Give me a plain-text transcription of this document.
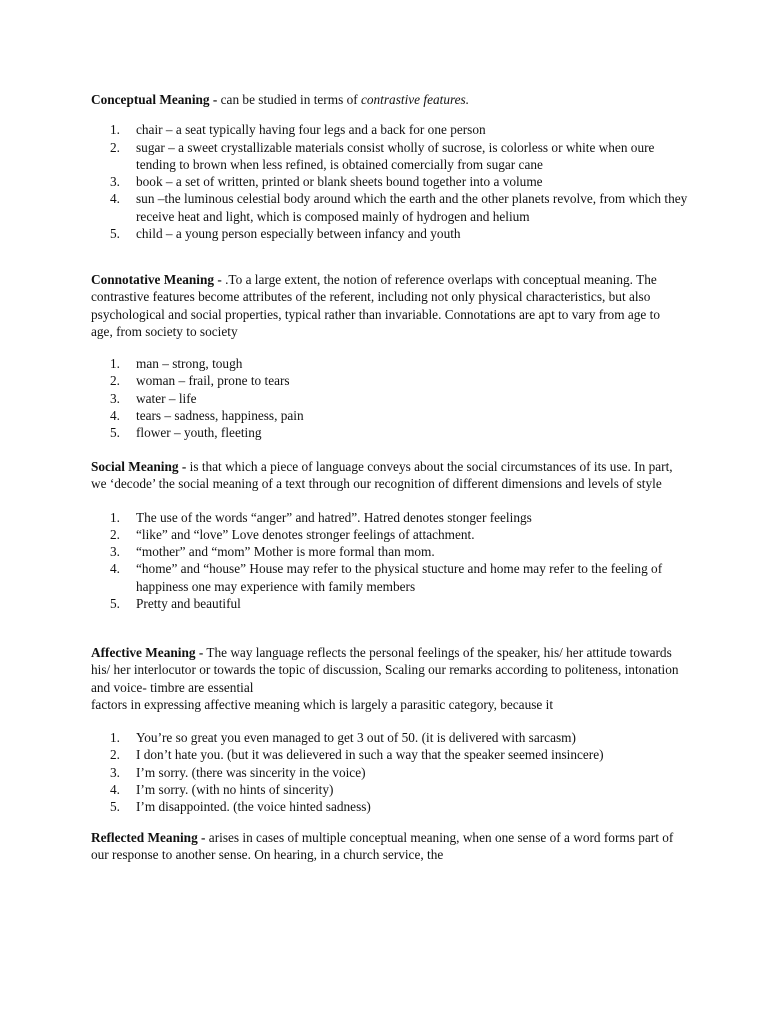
Conceptual Meaning - can be studied in terms of contrastive features.

1. chair – a seat typically having four legs and a back for one person
2. sugar – a sweet crystallizable materials consist wholly of sucrose, is colorless or white when oure tending to brown when less refined, is obtained comercially from sugar cane
3. book – a set of written, printed or blank sheets bound together into a volume
4. sun –the luminous celestial body around which the earth and the other planets revolve, from which they receive heat and light, which is composed mainly of hydrogen and helium
5. child – a young person especially between infancy and youth

Connotative Meaning - .To a large extent, the notion of reference overlaps with conceptual meaning. The contrastive features become attributes of the referent, including not only physical characteristics, but also psychological and social properties, typical rather than invariable. Connotations are apt to vary from age to age, from society to society

1. man – strong, tough
2. woman – frail, prone to tears
3. water – life
4. tears – sadness, happiness, pain
5. flower – youth, fleeting

Social Meaning - is that which a piece of language conveys about the social circumstances of its use. In part, we ‘decode’ the social meaning of a text through our recognition of different dimensions and levels of style

1. The use of the words “anger” and hatred”. Hatred denotes stonger feelings
2. “like” and “love” Love denotes stronger feelings of attachment.
3. “mother” and “mom” Mother is more formal than mom.
4. “home” and “house” House may refer to the physical stucture and home may refer to the feeling of happiness one may experience with family members
5. Pretty and beautiful

Affective Meaning - The way language reflects the personal feelings of the speaker, his/ her attitude towards his/ her interlocutor or towards the topic of discussion, Scaling our remarks according to politeness, intonation and voice- timbre are essential
factors in expressing affective meaning which is largely a parasitic category, because it

1. You’re so great you even managed to get 3 out of 50. (it is delivered with sarcasm)
2. I don’t hate you. (but it was delievered in such a way that the speaker seemed insincere)
3. I’m sorry. (there was sincerity in the voice)
4. I’m sorry. (with no hints of sincerity)
5. I’m disappointed. (the voice hinted sadness)

Reflected Meaning - arises in cases of multiple conceptual meaning, when one sense of a word forms part of our response to another sense. On hearing, in a church service, the
